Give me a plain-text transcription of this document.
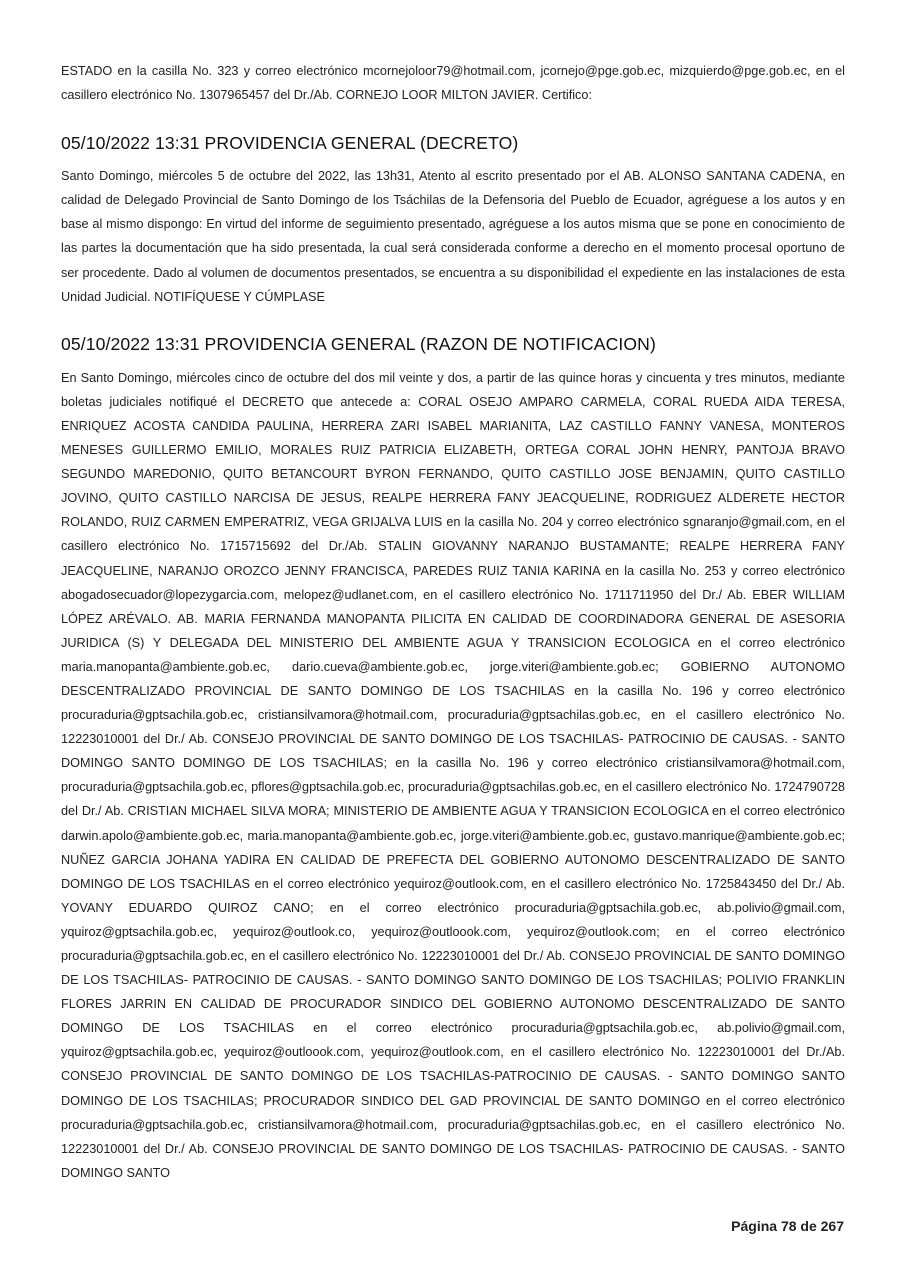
ESTADO en la casilla No. 323 y correo electrónico mcornejoloor79@hotmail.com, jcornejo@pge.gob.ec, mizquierdo@pge.gob.ec, en el casillero electrónico No. 1307965457 del Dr./Ab. CORNEJO LOOR MILTON JAVIER. Certifico:

05/10/2022 13:31 PROVIDENCIA GENERAL (DECRETO)

Santo Domingo, miércoles 5 de octubre del 2022, las 13h31, Atento al escrito presentado por el AB. ALONSO SANTANA CADENA, en calidad de Delegado Provincial de Santo Domingo de los Tsáchilas de la Defensoria del Pueblo de Ecuador, agréguese a los autos y en base al mismo dispongo: En virtud del informe de seguimiento presentado, agréguese a los autos misma que se pone en conocimiento de las partes la documentación que ha sido presentada, la cual será considerada conforme a derecho en el momento procesal oportuno de ser procedente. Dado al volumen de documentos presentados, se encuentra a su disponibilidad el expediente en las instalaciones de esta Unidad Judicial. NOTIFÍQUESE Y CÚMPLASE

05/10/2022 13:31 PROVIDENCIA GENERAL (RAZON DE NOTIFICACION)

En Santo Domingo, miércoles cinco de octubre del dos mil veinte y dos, a partir de las quince horas y cincuenta y tres minutos, mediante boletas judiciales notifiqué el DECRETO que antecede a: CORAL OSEJO AMPARO CARMELA, CORAL RUEDA AIDA TERESA, ENRIQUEZ ACOSTA CANDIDA PAULINA, HERRERA ZARI ISABEL MARIANITA, LAZ CASTILLO FANNY VANESA, MONTEROS MENESES GUILLERMO EMILIO, MORALES RUIZ PATRICIA ELIZABETH, ORTEGA CORAL JOHN HENRY, PANTOJA BRAVO SEGUNDO MAREDONIO, QUITO BETANCOURT BYRON FERNANDO, QUITO CASTILLO JOSE BENJAMIN, QUITO CASTILLO JOVINO, QUITO CASTILLO NARCISA DE JESUS, REALPE HERRERA FANY JEACQUELINE, RODRIGUEZ ALDERETE HECTOR ROLANDO, RUIZ CARMEN EMPERATRIZ, VEGA GRIJALVA LUIS en la casilla No. 204 y correo electrónico sgnaranjo@gmail.com, en el casillero electrónico No. 1715715692 del Dr./Ab. STALIN GIOVANNY NARANJO BUSTAMANTE; REALPE HERRERA FANY JEACQUELINE, NARANJO OROZCO JENNY FRANCISCA, PAREDES RUIZ TANIA KARINA en la casilla No. 253 y correo electrónico abogadosecuador@lopezygarcia.com, melopez@udlanet.com, en el casillero electrónico No. 1711711950 del Dr./ Ab. EBER WILLIAM LÓPEZ ARÉVALO. AB. MARIA FERNANDA MANOPANTA PILICITA EN CALIDAD DE COORDINADORA GENERAL DE ASESORIA JURIDICA (S) Y DELEGADA DEL MINISTERIO DEL AMBIENTE AGUA Y TRANSICION ECOLOGICA en el correo electrónico maria.manopanta@ambiente.gob.ec, dario.cueva@ambiente.gob.ec, jorge.viteri@ambiente.gob.ec; GOBIERNO AUTONOMO DESCENTRALIZADO PROVINCIAL DE SANTO DOMINGO DE LOS TSACHILAS en la casilla No. 196 y correo electrónico procuraduria@gptsachila.gob.ec, cristiansilvamora@hotmail.com, procuraduria@gptsachilas.gob.ec, en el casillero electrónico No. 12223010001 del Dr./ Ab. CONSEJO PROVINCIAL DE SANTO DOMINGO DE LOS TSACHILAS- PATROCINIO DE CAUSAS. - SANTO DOMINGO SANTO DOMINGO DE LOS TSACHILAS; en la casilla No. 196 y correo electrónico cristiansilvamora@hotmail.com, procuraduria@gptsachila.gob.ec, pflores@gptsachila.gob.ec, procuraduria@gptsachilas.gob.ec, en el casillero electrónico No. 1724790728 del Dr./ Ab. CRISTIAN MICHAEL SILVA MORA; MINISTERIO DE AMBIENTE AGUA Y TRANSICION ECOLOGICA en el correo electrónico darwin.apolo@ambiente.gob.ec, maria.manopanta@ambiente.gob.ec, jorge.viteri@ambiente.gob.ec, gustavo.manrique@ambiente.gob.ec; NUÑEZ GARCIA JOHANA YADIRA EN CALIDAD DE PREFECTA DEL GOBIERNO AUTONOMO DESCENTRALIZADO DE SANTO DOMINGO DE LOS TSACHILAS en el correo electrónico yequiroz@outlook.com, en el casillero electrónico No. 1725843450 del Dr./ Ab. YOVANY EDUARDO QUIROZ CANO; en el correo electrónico procuraduria@gptsachila.gob.ec, ab.polivio@gmail.com, yquiroz@gptsachila.gob.ec, yequiroz@outlook.co, yequiroz@outloook.com, yequiroz@outlook.com; en el correo electrónico procuraduria@gptsachila.gob.ec, en el casillero electrónico No. 12223010001 del Dr./ Ab. CONSEJO PROVINCIAL DE SANTO DOMINGO DE LOS TSACHILAS- PATROCINIO DE CAUSAS. - SANTO DOMINGO SANTO DOMINGO DE LOS TSACHILAS; POLIVIO FRANKLIN FLORES JARRIN EN CALIDAD DE PROCURADOR SINDICO DEL GOBIERNO AUTONOMO DESCENTRALIZADO DE SANTO DOMINGO DE LOS TSACHILAS en el correo electrónico procuraduria@gptsachila.gob.ec, ab.polivio@gmail.com, yquiroz@gptsachila.gob.ec, yequiroz@outloook.com, yequiroz@outlook.com, en el casillero electrónico No. 12223010001 del Dr./Ab. CONSEJO PROVINCIAL DE SANTO DOMINGO DE LOS TSACHILAS-PATROCINIO DE CAUSAS. - SANTO DOMINGO SANTO DOMINGO DE LOS TSACHILAS; PROCURADOR SINDICO DEL GAD PROVINCIAL DE SANTO DOMINGO en el correo electrónico procuraduria@gptsachila.gob.ec, cristiansilvamora@hotmail.com, procuraduria@gptsachilas.gob.ec, en el casillero electrónico No. 12223010001 del Dr./ Ab. CONSEJO PROVINCIAL DE SANTO DOMINGO DE LOS TSACHILAS- PATROCINIO DE CAUSAS. - SANTO DOMINGO SANTO

Página 78 de 267
